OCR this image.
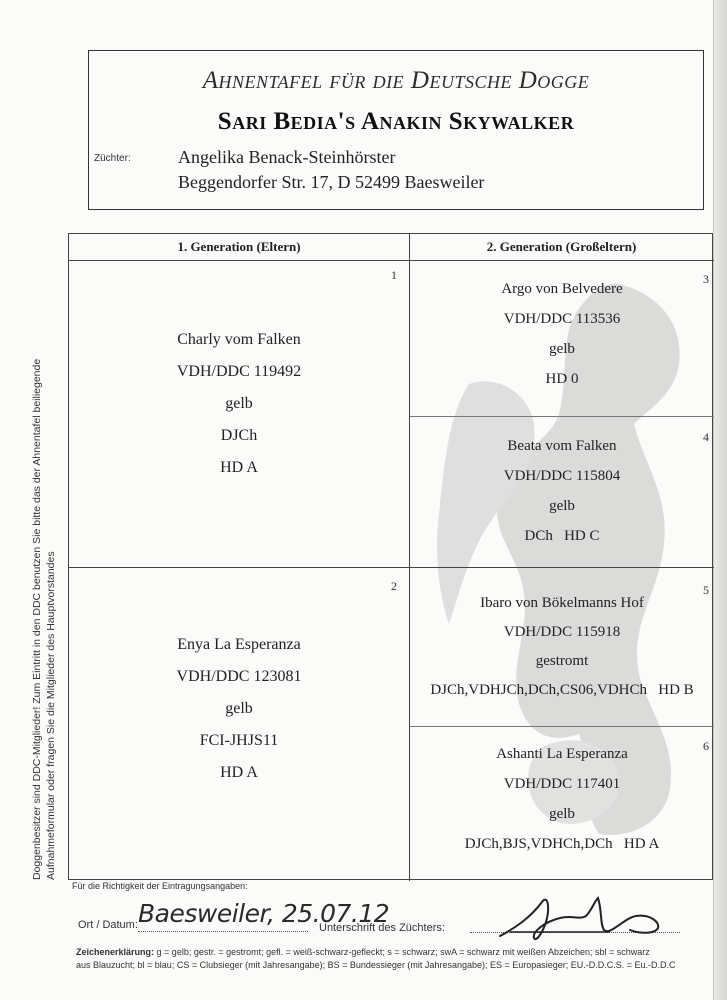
Ahnentafel für die Deutsche Dogge
Sari Bedia's Anakin Skywalker
Züchter:	Angelika Benack-Steinhörster
Beggendorfer Str. 17, D 52499 Baesweiler
Doggenbesitzer sind DDC-Mitglieder! Zum Eintritt in den DDC benutzen Sie bitte das der Ahnentafel beiliegende Aufnahmeformular oder fragen Sie die Mitglieder des Hauptvorstandes
1. Generation (Eltern)	2. Generation (Großeltern)
1
Charly vom Falken
VDH/DDC 119492
gelb
DJCh
HD A
2
Enya La Esperanza
VDH/DDC 123081
gelb
FCI-JHJS11
HD A
3
Argo von Belvedere
VDH/DDC 113536
gelb
HD 0
4
Beata vom Falken
VDH/DDC 115804
gelb
DCh   HD C
5
Ibaro von Bökelmanns Hof
VDH/DDC 115918
gestromt
DJCh,VDHJCh,DCh,CS06,VDHCh   HD B
6
Ashanti La Esperanza
VDH/DDC 117401
gelb
DJCh,BJS,VDHCh,DCh   HD A
Für die Richtigkeit der Eintragungsangaben:
Ort / Datum: Baesweiler, 25.07.12
Unterschrift des Züchters:
Zeichenerklärung: g = gelb; gestr. = gestromt; gefl. = weiß-schwarz-gefleckt; s = schwarz; swA = schwarz mit weißen Abzeichen; sbl = schwarz
aus Blauzucht; bl = blau; CS = Clubsieger (mit Jahresangabe); BS = Bundessieger (mit Jahresangabe); ES = Europasieger; EU.-D.D.C.S. = Eu.-D.D.C
